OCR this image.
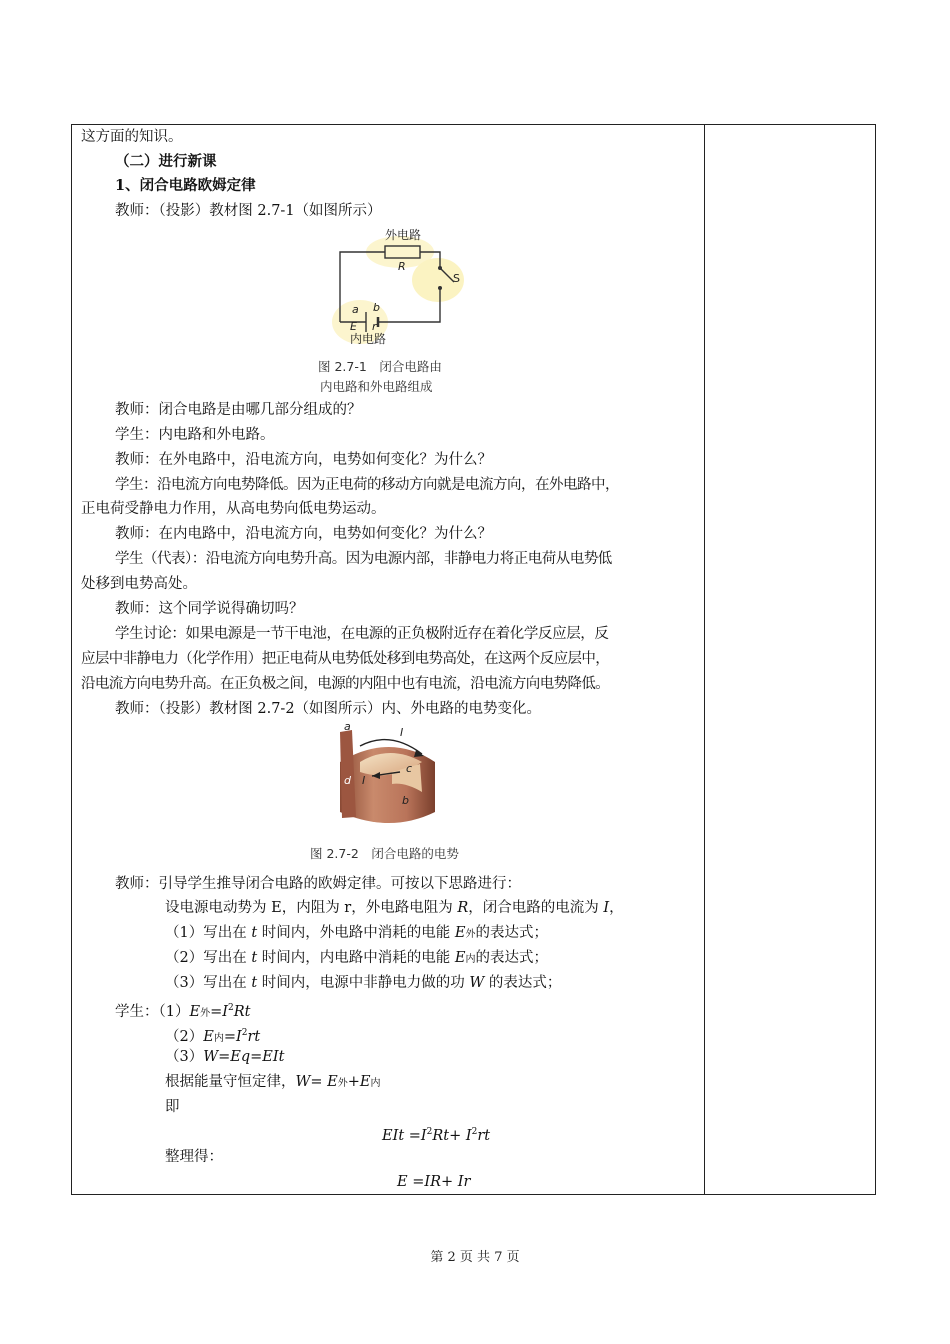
这方面的知识。
（二）进行新课
1、闭合电路欧姆定律
教师：（投影）教材图 2.7-1（如图所示）
外电路
R
S
a b
E r
内电路
图 2.7-1　闭合电路由
内电路和外电路组成
教师：闭合电路是由哪几部分组成的？
学生：内电路和外电路。
教师：在外电路中，沿电流方向，电势如何变化？为什么？
学生：沿电流方向电势降低。因为正电荷的移动方向就是电流方向，在外电路中，
正电荷受静电力作用，从高电势向低电势运动。
教师：在内电路中，沿电流方向，电势如何变化？为什么？
学生（代表）：沿电流方向电势升高。因为电源内部，非静电力将正电荷从电势低
处移到电势高处。
教师：这个同学说得确切吗？
学生讨论：如果电源是一节干电池，在电源的正负极附近存在着化学反应层，反
应层中非静电力（化学作用）把正电荷从电势低处移到电势高处，在这两个反应层中，
沿电流方向电势升高。在正负极之间，电源的内阻中也有电流，沿电流方向电势降低。
教师：（投影）教材图 2.7-2（如图所示）内、外电路的电势变化。
a	I
c
d I
b
图 2.7-2　闭合电路的电势
教师：引导学生推导闭合电路的欧姆定律。可按以下思路进行：
设电源电动势为 E，内阻为 r，外电路电阻为 R，闭合电路的电流为 I，
（1）写出在 t 时间内，外电路中消耗的电能 E外的表达式；
（2）写出在 t 时间内，内电路中消耗的电能 E内的表达式；
（3）写出在 t 时间内，电源中非静电力做的功 W 的表达式；
学生：（1）E外$=I^2Rt$
（2）E内$=I^2rt$
（3）W=Eq=EIt
根据能量守恒定律，W= E外+E内
即
EIt $=I^2Rt+ I^2rt$
整理得：
E =IR+ Ir
第 2 页 共 7 页
